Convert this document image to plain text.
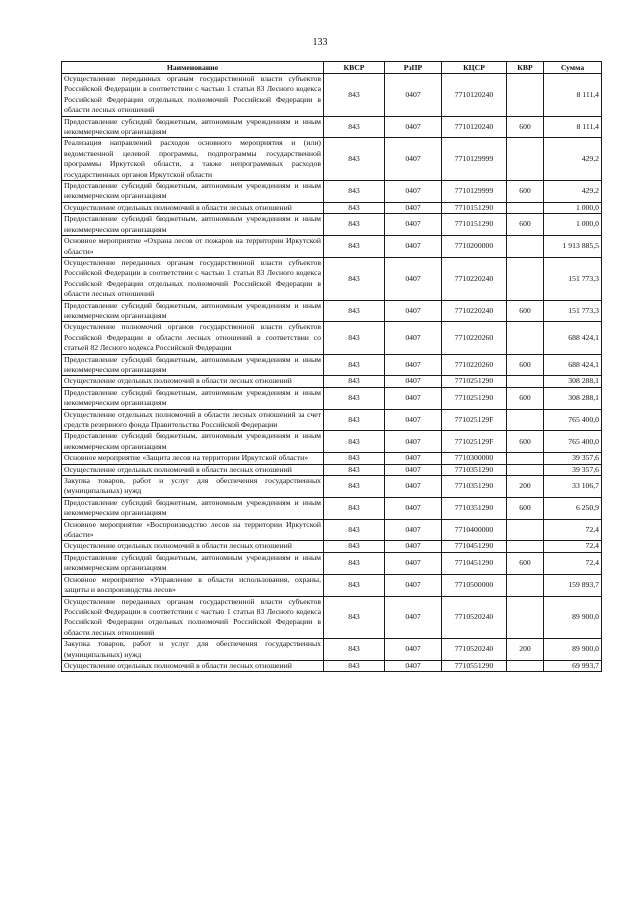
133
Наименование	КВСР	РзПР	КЦСР	КВР	Сумма
Осуществление переданных органам государственной власти субъектов Российской Федерации в соответствии с частью 1 статьи 83 Лесного кодекса Российской Федерации отдельных полномочий Российской Федерации в области лесных отношений	843	0407	7710120240		8 111,4
Предоставление субсидий бюджетным, автономным учреждениям и иным некоммерческим организациям	843	0407	7710120240	600	8 111,4
Реализация направлений расходов основного мероприятия и (или) ведомственной целевой программы, подпрограммы государственной программы Иркутской области, а также непрограммных расходов государственных органов Иркутской области	843	0407	7710129999		429,2
Предоставление субсидий бюджетным, автономным учреждениям и иным некоммерческим организациям	843	0407	7710129999	600	429,2
Осуществление отдельных полномочий в области лесных отношений	843	0407	7710151290		1 000,0
Предоставление субсидий бюджетным, автономным учреждениям и иным некоммерческим организациям	843	0407	7710151290	600	1 000,0
Основное мероприятие «Охрана лесов от пожаров на территории Иркутской области»	843	0407	7710200000		1 913 885,5
Осуществление переданных органам государственной власти субъектов Российской Федерации в соответствии с частью 1 статьи 83 Лесного кодекса Российской Федерации отдельных полномочий Российской Федерации в области лесных отношений	843	0407	7710220240		151 773,3
Предоставление субсидий бюджетным, автономным учреждениям и иным некоммерческим организациям	843	0407	7710220240	600	151 773,3
Осуществление полномочий органов государственной власти субъектов Российской Федерации в области лесных отношений в соответствии со статьей 82 Лесного кодекса Российской Федерации	843	0407	7710220260		688 424,1
Предоставление субсидий бюджетным, автономным учреждениям и иным некоммерческим организациям	843	0407	7710220260	600	688 424,1
Осуществление отдельных полномочий в области лесных отношений	843	0407	7710251290		308 288,1
Предоставление субсидий бюджетным, автономным учреждениям и иным некоммерческим организациям	843	0407	7710251290	600	308 288,1
Осуществление отдельных полномочий в области лесных отношений за счет средств резервного фонда Правительства Российской Федерации	843	0407	771025129F		765 400,0
Предоставление субсидий бюджетным, автономным учреждениям и иным некоммерческим организациям	843	0407	771025129F	600	765 400,0
Основное мероприятие «Защита лесов на территории Иркутской области»	843	0407	7710300000		39 357,6
Осуществление отдельных полномочий в области лесных отношений	843	0407	7710351290		39 357,6
Закупка товаров, работ и услуг для обеспечения государственных (муниципальных) нужд	843	0407	7710351290	200	33 106,7
Предоставление субсидий бюджетным, автономным учреждениям и иным некоммерческим организациям	843	0407	7710351290	600	6 250,9
Основное мероприятие «Воспроизводство лесов на территории Иркутской области»	843	0407	7710400000		72,4
Осуществление отдельных полномочий в области лесных отношений	843	0407	7710451290		72,4
Предоставление субсидий бюджетным, автономным учреждениям и иным некоммерческим организациям	843	0407	7710451290	600	72,4
Основное мероприятие «Управление в области использования, охраны, защиты и воспроизводства лесов»	843	0407	7710500000		159 893,7
Осуществление переданных органам государственной власти субъектов Российской Федерации в соответствии с частью 1 статьи 83 Лесного кодекса Российской Федерации отдельных полномочий Российской Федерации в области лесных отношений	843	0407	7710520240		89 900,0
Закупка товаров, работ и услуг для обеспечения государственных (муниципальных) нужд	843	0407	7710520240	200	89 900,0
Осуществление отдельных полномочий в области лесных отношений	843	0407	7710551290		69 993,7
